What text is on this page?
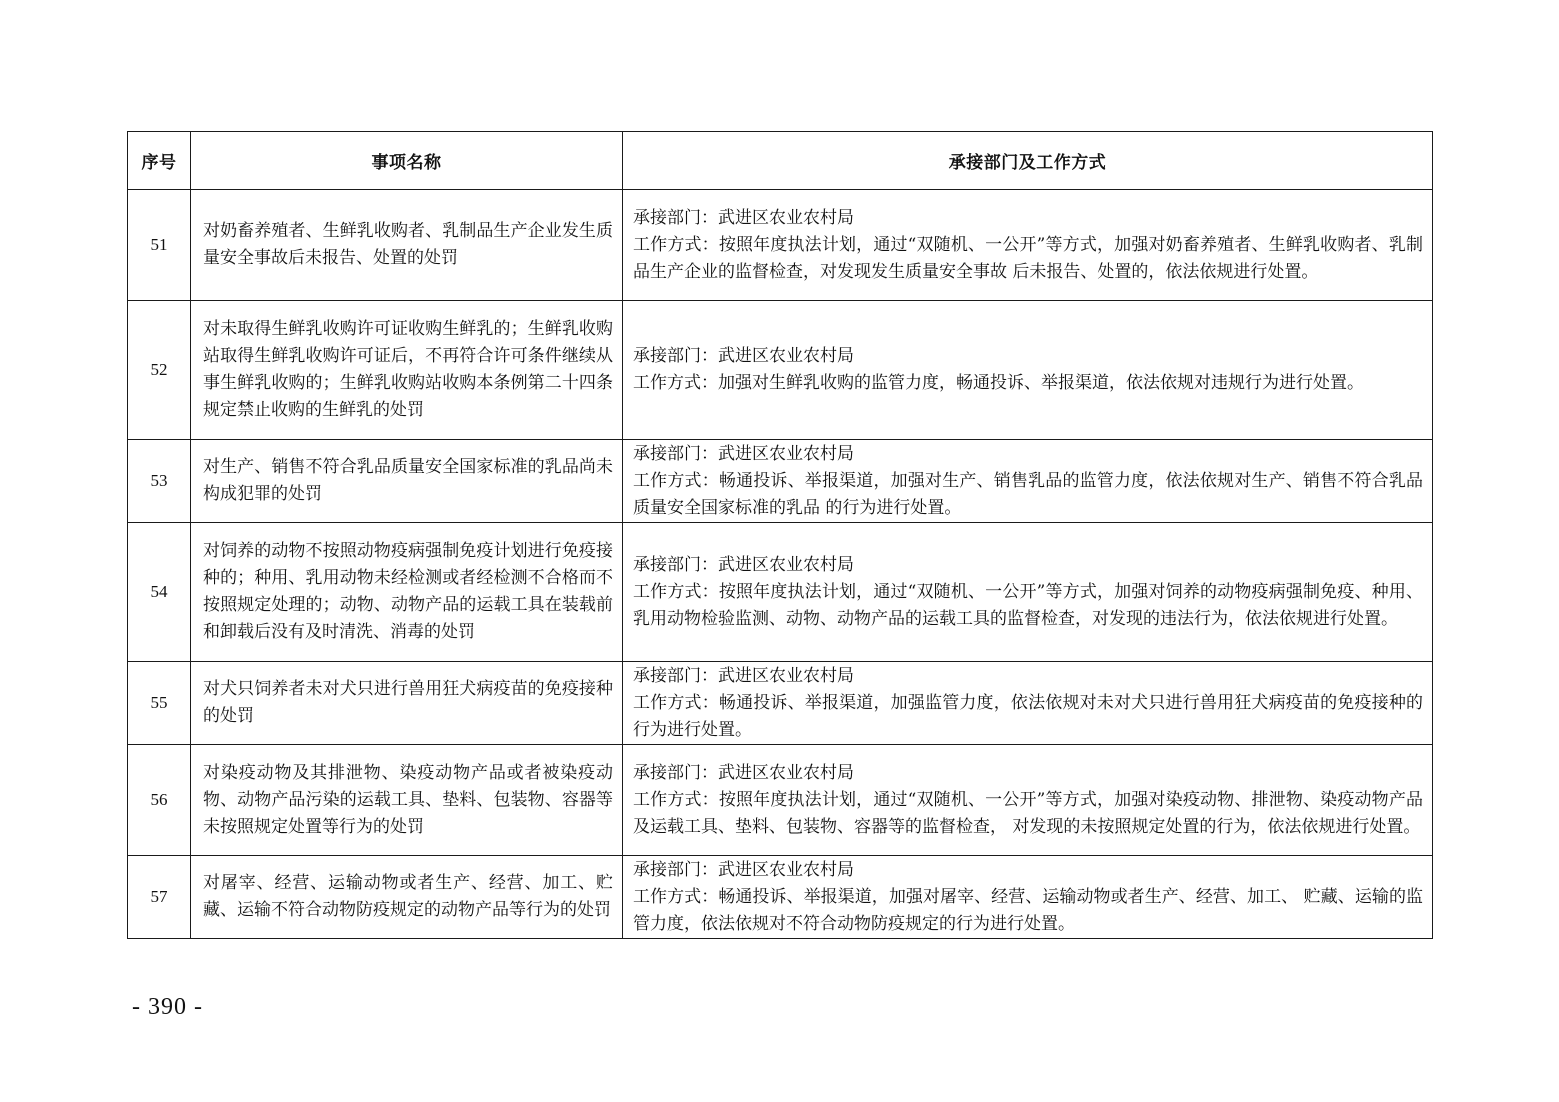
序号	事项名称	承接部门及工作方式
51	对奶畜养殖者、生鲜乳收购者、乳制品生产企业发生质量安全事故后未报告、处置的处罚	承接部门：武进区农业农村局
工作方式：按照年度执法计划，通过“双随机、一公开”等方式，加强对奶畜养殖者、生鲜乳收购者、乳制品生产企业的监督检查，对发现发生质量安全事故 后未报告、处置的，依法依规进行处置。

52	对未取得生鲜乳收购许可证收购生鲜乳的；生鲜乳收购站取得生鲜乳收购许可证后，不再符合许可条件继续从事生鲜乳收购的；生鲜乳收购站收购本条例第二十四条规定禁止收购的生鲜乳的处罚	承接部门：武进区农业农村局
工作方式：加强对生鲜乳收购的监管力度，畅通投诉、举报渠道，依法依规对违规行为进行处置。

53	对生产、销售不符合乳品质量安全国家标准的乳品尚未构成犯罪的处罚	承接部门：武进区农业农村局
工作方式：畅通投诉、举报渠道，加强对生产、销售乳品的监管力度，依法依规对生产、销售不符合乳品质量安全国家标准的乳品 的行为进行处置。

54	对饲养的动物不按照动物疫病强制免疫计划进行免疫接种的；种用、乳用动物未经检测或者经检测不合格而不按照规定处理的；动物、动物产品的运载工具在装载前和卸载后没有及时清洗、消毒的处罚	承接部门：武进区农业农村局
工作方式：按照年度执法计划，通过“双随机、一公开”等方式，加强对饲养的动物疫病强制免疫、种用、乳用动物检验监测、动物、动物产品的运载工具的监督检查，对发现的违法行为，依法依规进行处置。

55	对犬只饲养者未对犬只进行兽用狂犬病疫苗的免疫接种的处罚	承接部门：武进区农业农村局
工作方式：畅通投诉、举报渠道，加强监管力度，依法依规对未对犬只进行兽用狂犬病疫苗的免疫接种的行为进行处置。

56	对染疫动物及其排泄物、染疫动物产品或者被染疫动物、动物产品污染的运载工具、垫料、包装物、容器等未按照规定处置等行为的处罚	承接部门：武进区农业农村局
工作方式：按照年度执法计划，通过“双随机、一公开”等方式，加强对染疫动物、排泄物、染疫动物产品及运载工具、垫料、包装物、容器等的监督检查， 对发现的未按照规定处置的行为，依法依规进行处置。

57	对屠宰、经营、运输动物或者生产、经营、加工、贮藏、运输不符合动物防疫规定的动物产品等行为的处罚	承接部门：武进区农业农村局
工作方式：畅通投诉、举报渠道，加强对屠宰、经营、运输动物或者生产、经营、加工、 贮藏、运输的监管力度，依法依规对不符合动物防疫规定的行为进行处置。
- 390 -
